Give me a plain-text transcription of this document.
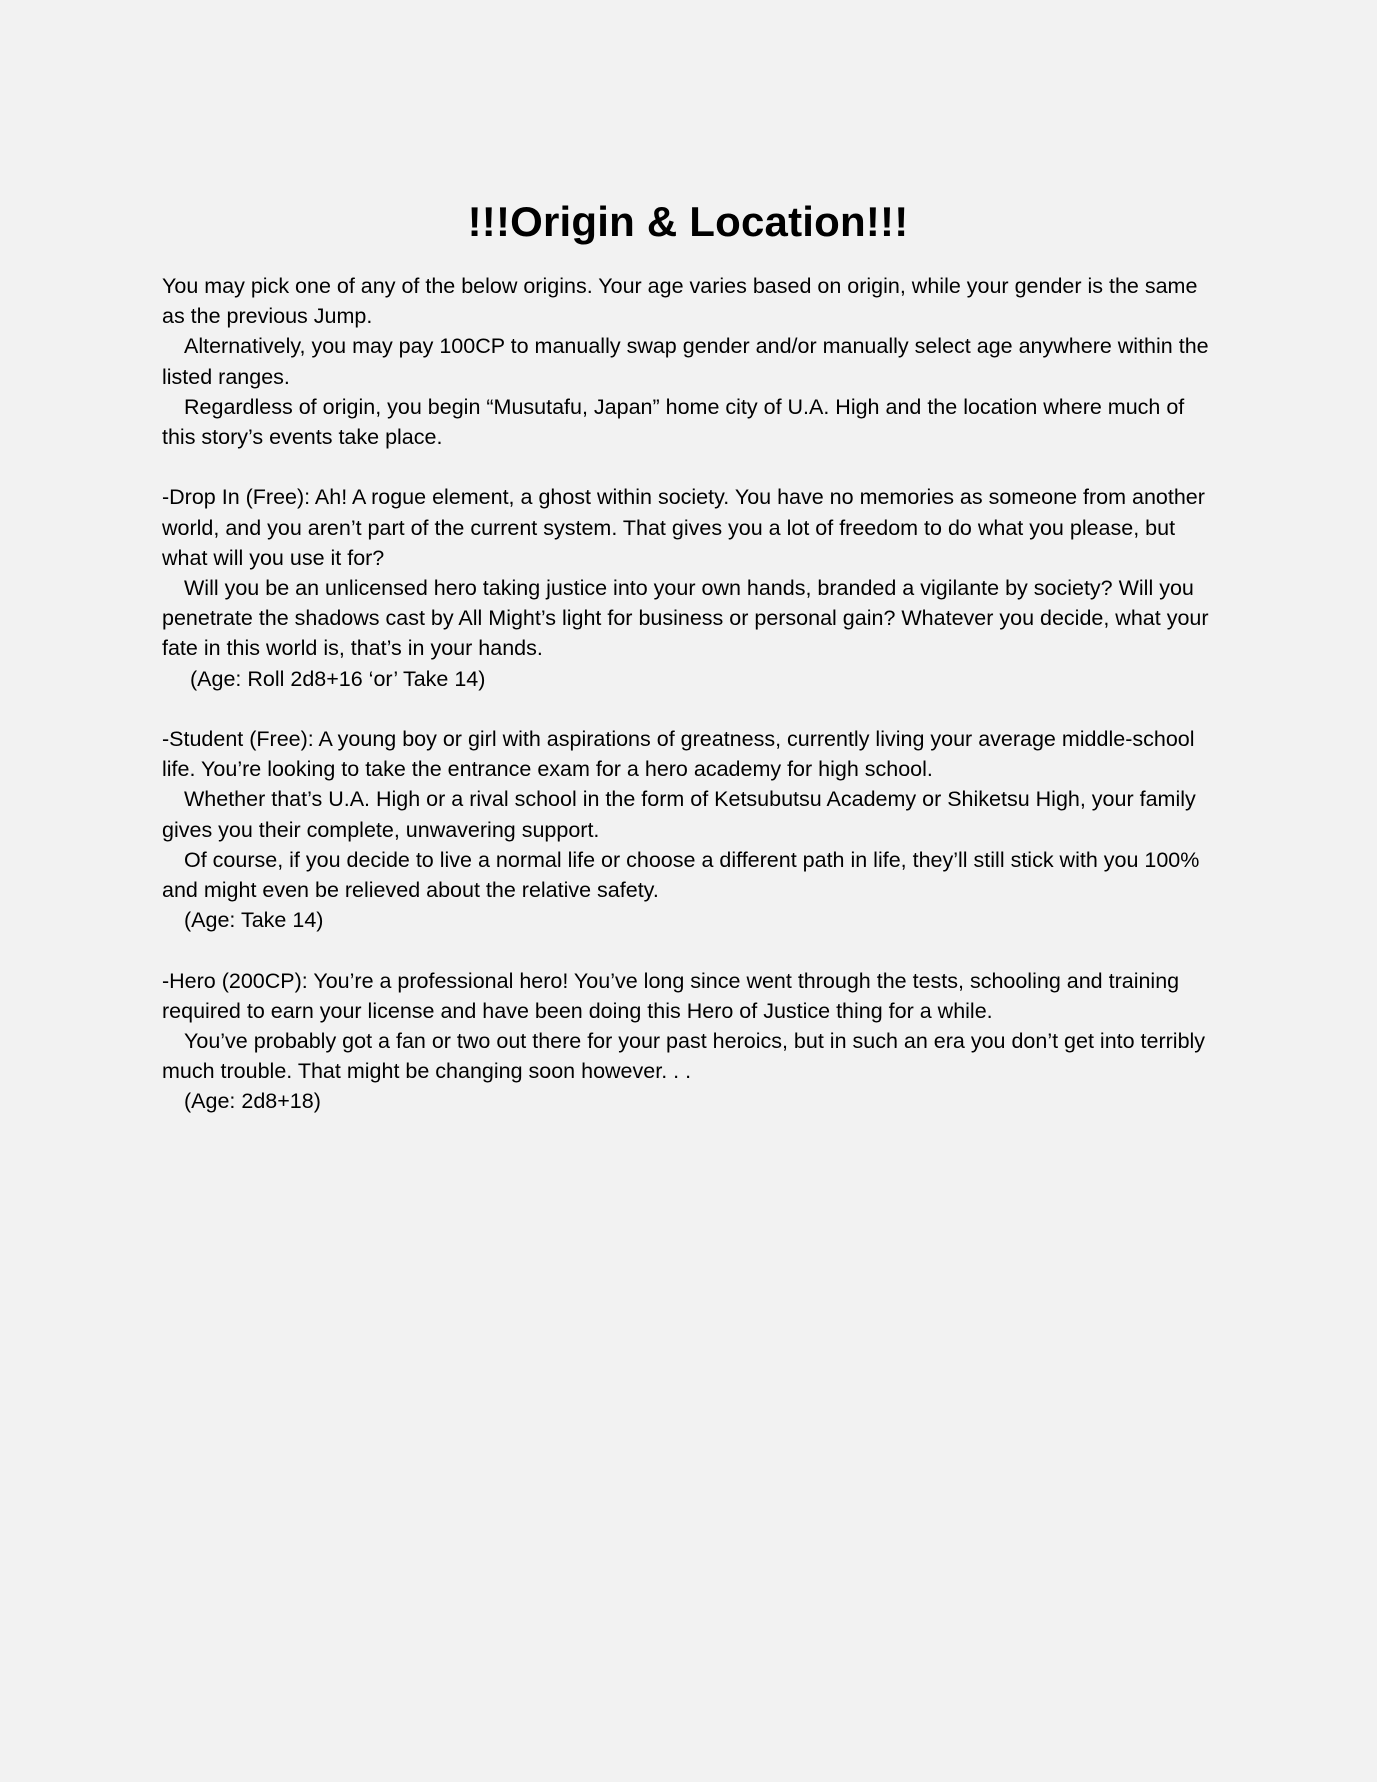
!!!Origin & Location!!!

You may pick one of any of the below origins. Your age varies based on origin, while your gender is the same as the previous Jump.

Alternatively, you may pay 100CP to manually swap gender and/or manually select age anywhere within the listed ranges.

Regardless of origin, you begin “Musutafu, Japan” home city of U.A. High and the location where much of this story’s events take place.

-Drop In (Free): Ah! A rogue element, a ghost within society. You have no memories as someone from another world, and you aren’t part of the current system. That gives you a lot of freedom to do what you please, but what will you use it for?

Will you be an unlicensed hero taking justice into your own hands, branded a vigilante by society? Will you penetrate the shadows cast by All Might’s light for business or personal gain? Whatever you decide, what your fate in this world is, that’s in your hands.

(Age: Roll 2d8+16 ‘or’ Take 14)

-Student (Free): A young boy or girl with aspirations of greatness, currently living your average middle-school life. You’re looking to take the entrance exam for a hero academy for high school.

Whether that’s U.A. High or a rival school in the form of Ketsubutsu Academy or Shiketsu High, your family gives you their complete, unwavering support.

Of course, if you decide to live a normal life or choose a different path in life, they’ll still stick with you 100% and might even be relieved about the relative safety.

(Age: Take 14)

-Hero (200CP): You’re a professional hero! You’ve long since went through the tests, schooling and training required to earn your license and have been doing this Hero of Justice thing for a while.

You’ve probably got a fan or two out there for your past heroics, but in such an era you don’t get into terribly much trouble. That might be changing soon however. . .

(Age: 2d8+18)
